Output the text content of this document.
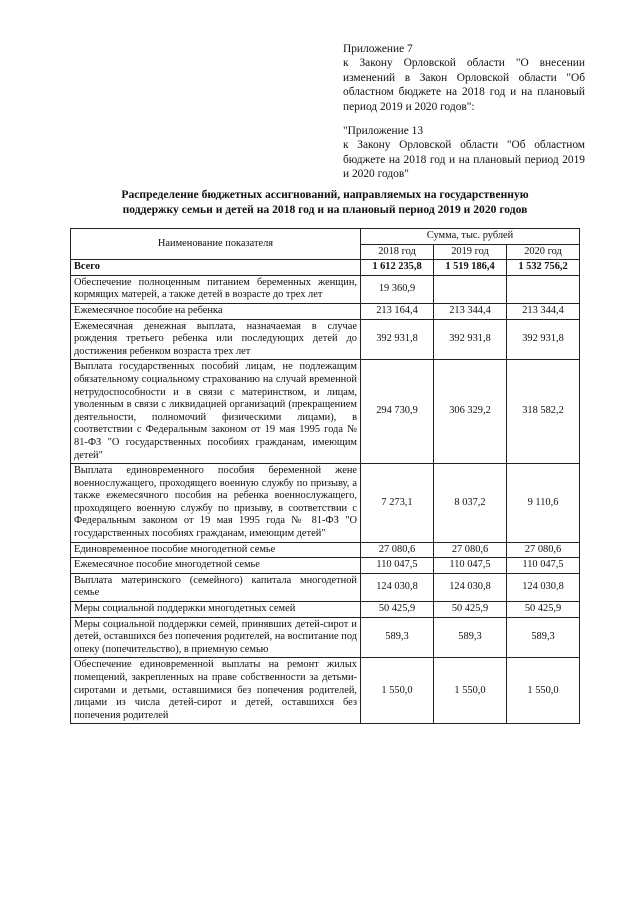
Приложение 7

к Закону Орловской области "О внесении изменений в Закон Орловской области "Об областном бюджете на 2018 год и на плановый период 2019 и 2020 годов":

"Приложение 13

к Закону Орловской области "Об областном бюджете на 2018 год и на плановый период 2019 и 2020 годов"

Распределение бюджетных ассигнований, направляемых на государственную
поддержку семьи и детей на 2018 год и на плановый период 2019 и 2020 годов
Наименование показателя	Сумма, тыс. рублей		
	2018 год	2019 год	2020 год
Всего	1 612 235,8	1 519 186,4	1 532 756,2
Обеспечение полноценным питанием беременных женщин, кормящих матерей, а также детей в возрасте до трех лет	19 360,9		
Ежемесячное пособие на ребенка	213 164,4	213 344,4	213 344,4
Ежемесячная денежная выплата, назначаемая в случае рождения третьего ребенка или последующих детей до достижения ребенком возраста трех лет	392 931,8	392 931,8	392 931,8
Выплата государственных пособий лицам, не подлежащим обязательному социальному страхованию на случай временной нетрудоспособности и в связи с материнством, и лицам, уволенным в связи с ликвидацией организаций (прекращением деятельности, полномочий физическими лицами), в соответствии с Федеральным законом от 19 мая 1995 года № 81-ФЗ "О государственных пособиях гражданам, имеющим детей"	294 730,9	306 329,2	318 582,2
Выплата единовременного пособия беременной жене военнослужащего, проходящего военную службу по призыву, а также ежемесячного пособия на ребенка военнослужащего, проходящего военную службу по призыву, в соответствии с Федеральным законом от 19 мая 1995 года № 81-ФЗ "О государственных пособиях гражданам, имеющим детей"	7 273,1	8 037,2	9 110,6
Единовременное пособие многодетной семье	27 080,6	27 080,6	27 080,6
Ежемесячное пособие многодетной семье	110 047,5	110 047,5	110 047,5
Выплата материнского (семейного) капитала многодетной семье	124 030,8	124 030,8	124 030,8
Меры социальной поддержки многодетных семей	50 425,9	50 425,9	50 425,9
Меры социальной поддержки семей, принявших детей-сирот и детей, оставшихся без попечения родителей, на воспитание под опеку (попечительство), в приемную семью	589,3	589,3	589,3
Обеспечение единовременной выплаты на ремонт жилых помещений, закрепленных на праве собственности за детьми-сиротами и детьми, оставшимися без попечения родителей, лицами из числа детей-сирот и детей, оставшихся без попечения родителей	1 550,0	1 550,0	1 550,0
